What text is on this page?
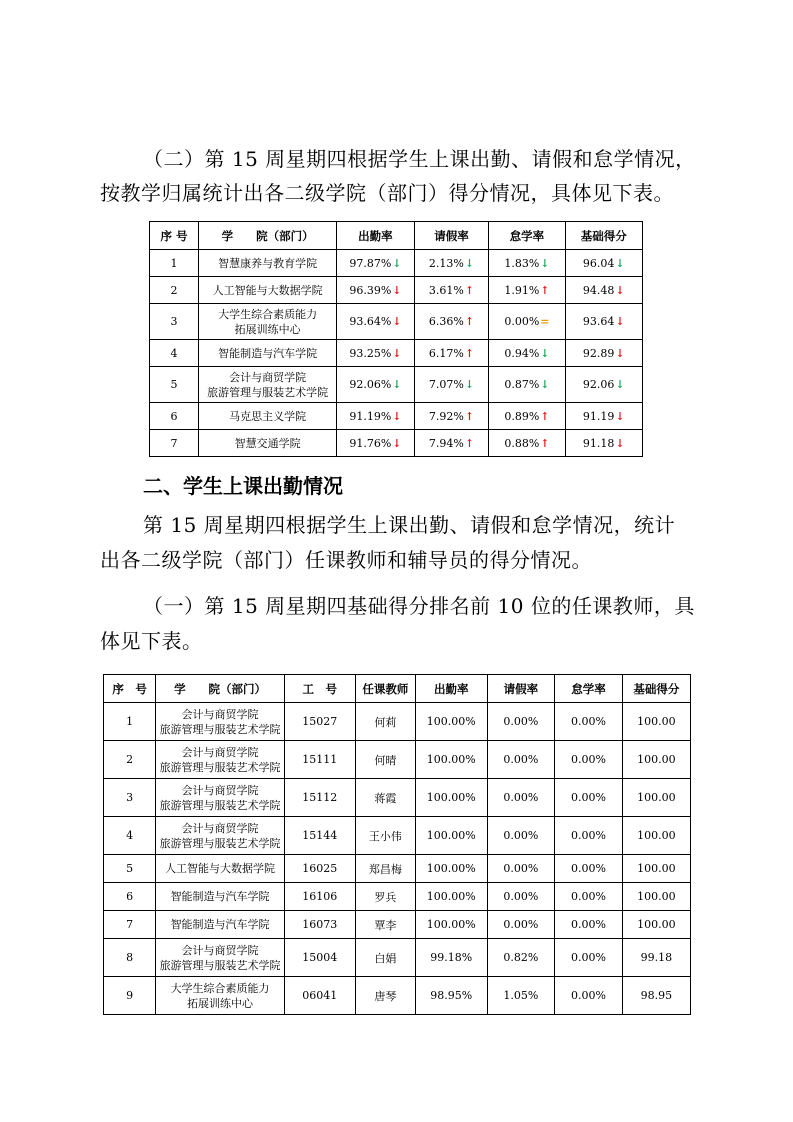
（二）第 15 周星期四根据学生上课出勤、请假和怠学情况，
按教学归属统计出各二级学院（部门）得分情况，具体见下表。
序 号	学　　院（部门）	出勤率	请假率	怠学率	基础得分
1	智慧康养与教育学院	97.87%↓	2.13%↓	1.83%↓	96.04↓
2	人工智能与大数据学院	96.39%↓	3.61%↑	1.91%↑	94.48↓
3	大学生综合素质能力
拓展训练中心	93.64%↓	6.36%↑	0.00%=	93.64↓
4	智能制造与汽车学院	93.25%↓	6.17%↑	0.94%↓	92.89↓
5	会计与商贸学院
旅游管理与服装艺术学院	92.06%↓	7.07%↓	0.87%↓	92.06↓
6	马克思主义学院	91.19%↓	7.92%↑	0.89%↑	91.19↓
7	智慧交通学院	91.76%↓	7.94%↑	0.88%↑	91.18↓
二、学生上课出勤情况
第 15 周星期四根据学生上课出勤、请假和怠学情况，统计
出各二级学院（部门）任课教师和辅导员的得分情况。
（一）第 15 周星期四基础得分排名前 10 位的任课教师，具
体见下表。
序　号	学　　院（部门）	工　号	任课教师	出勤率	请假率	怠学率	基础得分
1	会计与商贸学院
旅游管理与服装艺术学院	15027	何莉	100.00%	0.00%	0.00%	100.00
2	会计与商贸学院
旅游管理与服装艺术学院	15111	何晴	100.00%	0.00%	0.00%	100.00
3	会计与商贸学院
旅游管理与服装艺术学院	15112	蒋霞	100.00%	0.00%	0.00%	100.00
4	会计与商贸学院
旅游管理与服装艺术学院	15144	王小伟	100.00%	0.00%	0.00%	100.00
5	人工智能与大数据学院	16025	郑昌梅	100.00%	0.00%	0.00%	100.00
6	智能制造与汽车学院	16106	罗兵	100.00%	0.00%	0.00%	100.00
7	智能制造与汽车学院	16073	覃李	100.00%	0.00%	0.00%	100.00
8	会计与商贸学院
旅游管理与服装艺术学院	15004	白娟	99.18%	0.82%	0.00%	99.18
9	大学生综合素质能力
拓展训练中心	06041	唐琴	98.95%	1.05%	0.00%	98.95
